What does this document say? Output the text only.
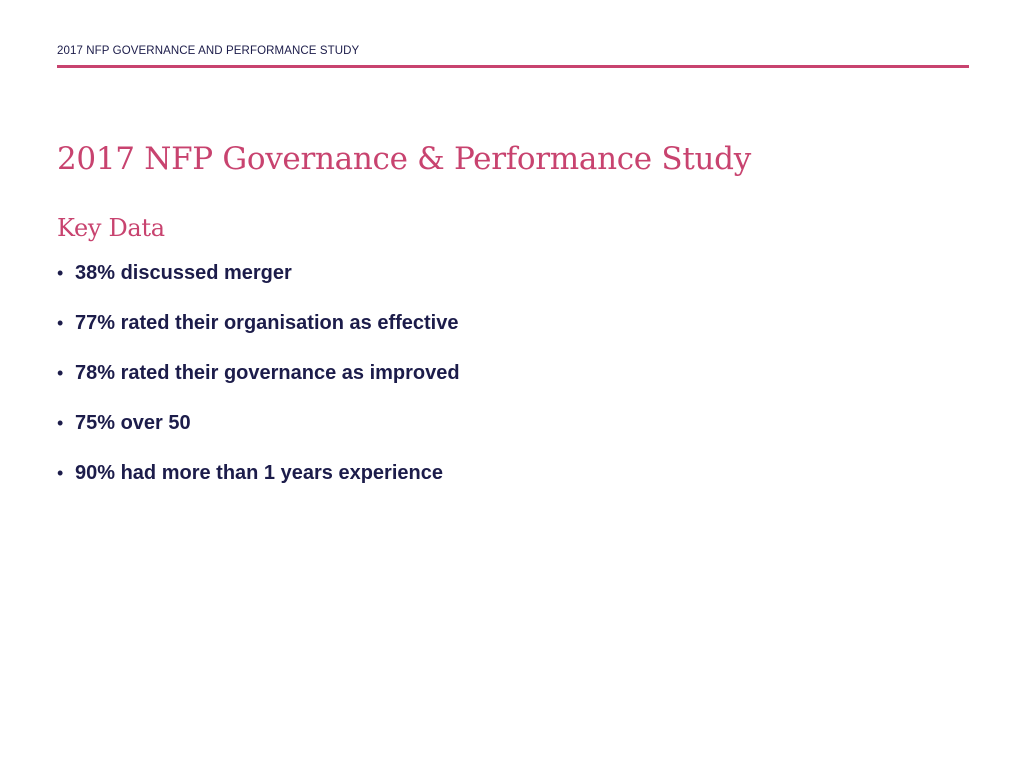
2017 NFP GOVERNANCE AND PERFORMANCE STUDY
2017 NFP Governance & Performance Study
Key Data
• 38% discussed merger
• 77% rated their organisation as effective
• 78% rated their governance as improved
• 75% over 50
• 90% had more than 1 years experience
